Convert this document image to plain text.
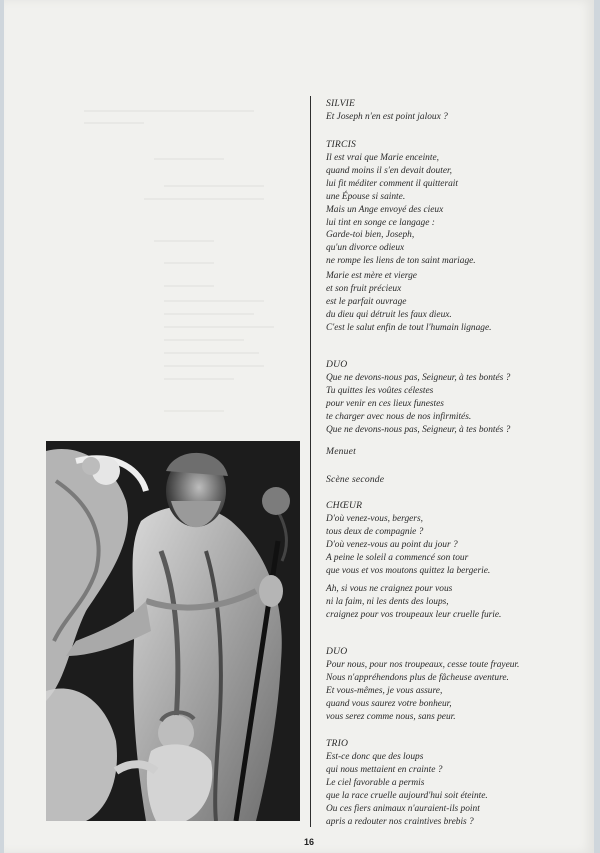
SILVIE
Et Joseph n'en est point jaloux ?
TIRCIS
Il est vrai que Marie enceinte,
quand moins il s'en devait douter,
lui fit méditer comment il quitterait
une Épouse si sainte.
Mais un Ange envoyé des cieux
lui tint en songe ce langage :
Garde-toi bien, Joseph,
qu'un divorce odieux
ne rompe les liens de ton saint mariage.
Marie est mère et vierge
et son fruit précieux
est le parfait ouvrage
du dieu qui détruit les faux dieux.
C'est le salut enfin de tout l'humain lignage.
DUO
Que ne devons-nous pas, Seigneur, à tes bontés ?
Tu quittes les voûtes célestes
pour venir en ces lieux funestes
te charger avec nous de nos infirmités.
Que ne devons-nous pas, Seigneur, à tes bontés ?
Menuet
Scène seconde
CHŒUR
D'où venez-vous, bergers,
tous deux de compagnie ?
D'où venez-vous au point du jour ?
A peine le soleil a commencé son tour
que vous et vos moutons quittez la bergerie.
Ah, si vous ne craignez pour vous
ni la faim, ni les dents des loups,
craignez pour vos troupeaux leur cruelle furie.
DUO
Pour nous, pour nos troupeaux, cesse toute frayeur.
Nous n'appréhendons plus de fâcheuse aventure.
Et vous-mêmes, je vous assure,
quand vous saurez votre bonheur,
vous serez comme nous, sans peur.
TRIO
Est-ce donc que des loups
qui nous mettaient en crainte ?
Le ciel favorable a permis
que la race cruelle aujourd'hui soit éteinte.
Ou ces fiers animaux n'auraient-ils point
apris a redouter nos craintives brebis ?
16
